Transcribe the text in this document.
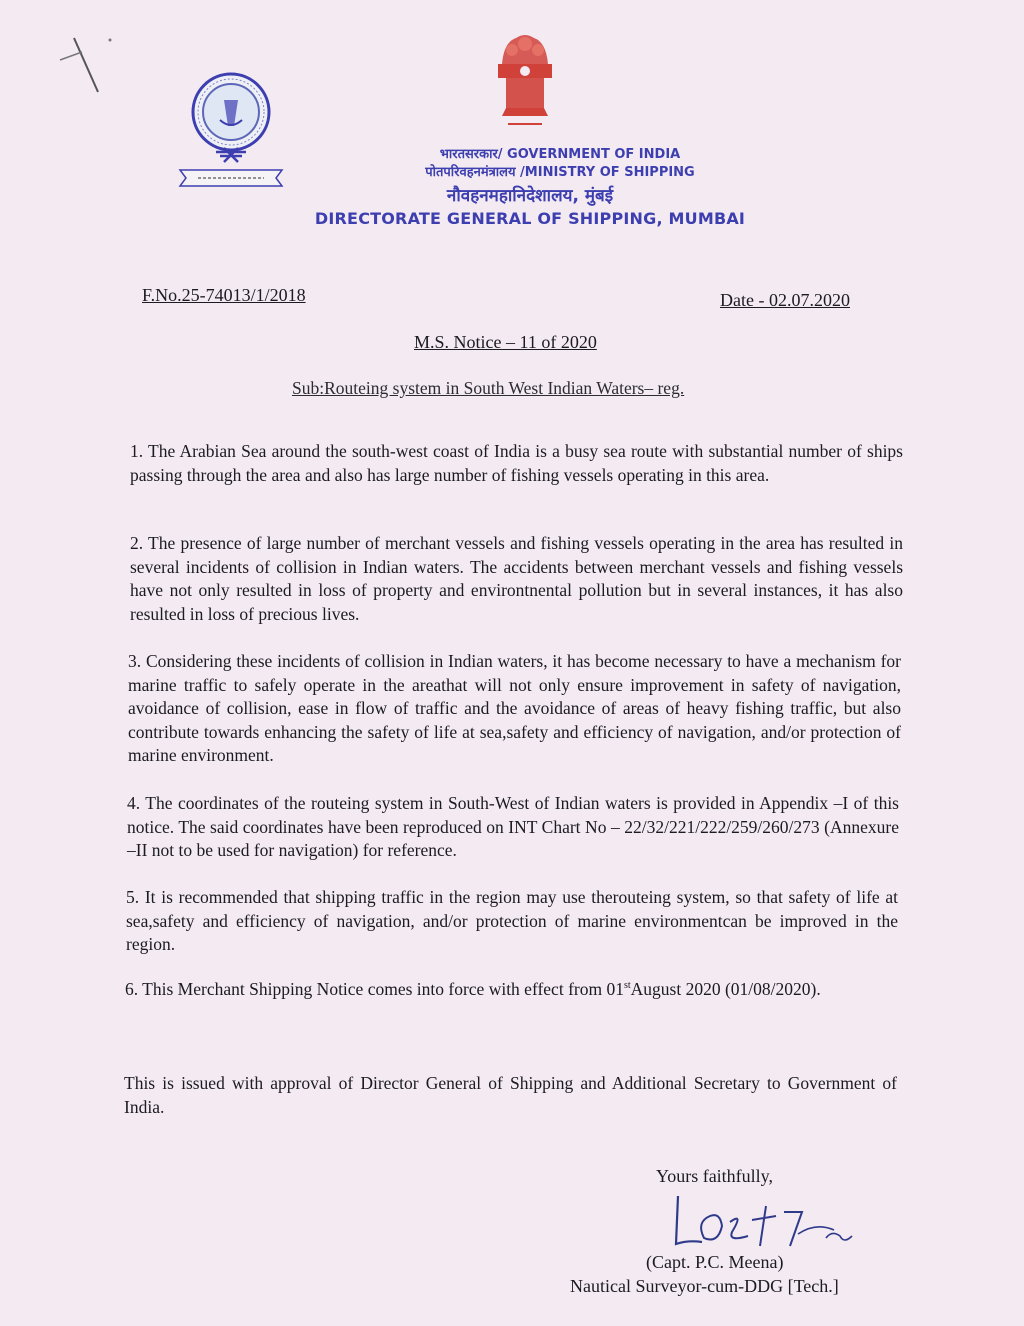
भारतसरकार/ GOVERNMENT OF INDIA
पोतपरिवहनमंत्रालय /MINISTRY OF SHIPPING
नौवहनमहानिदेशालय, मुंबई
DIRECTORATE GENERAL OF SHIPPING, MUMBAI
F.No.25-74013/1/2018	Date - 02.07.2020
M.S. Notice – 11 of 2020
Sub:Routeing system in South West Indian Waters– reg.

1. The Arabian Sea around the south-west coast of India is a busy sea route with substantial number of ships passing through the area and also has large number of fishing vessels operating in this area.

2. The presence of large number of merchant vessels and fishing vessels operating in the area has resulted in several incidents of collision in Indian waters. The accidents between merchant vessels and fishing vessels have not only resulted in loss of property and environtnental pollution but in several instances, it has also resulted in loss of precious lives.

3. Considering these incidents of collision in Indian waters, it has become necessary to have a mechanism for marine traffic to safely operate in the areathat will not only ensure improvement in safety of navigation, avoidance of collision, ease in flow of traffic and the avoidance of areas of heavy fishing traffic, but also contribute towards enhancing the safety of life at sea,safety and efficiency of navigation, and/or protection of marine environment.

4. The coordinates of the routeing system in South-West of Indian waters is provided in Appendix –I of this notice. The said coordinates have been reproduced on INT Chart No – 22/32/221/222/259/260/273 (Annexure –II not to be used for navigation) for reference.

5. It is recommended that shipping traffic in the region may use therouteing system, so that safety of life at sea,safety and efficiency of navigation, and/or protection of marine environmentcan be improved in the region.

6. This Merchant Shipping Notice comes into force with effect from 01stAugust 2020 (01/08/2020).

This is issued with approval of Director General of Shipping and Additional Secretary to Government of India.

Yours faithfully,
(Capt. P.C. Meena)
Nautical Surveyor-cum-DDG [Tech.]
